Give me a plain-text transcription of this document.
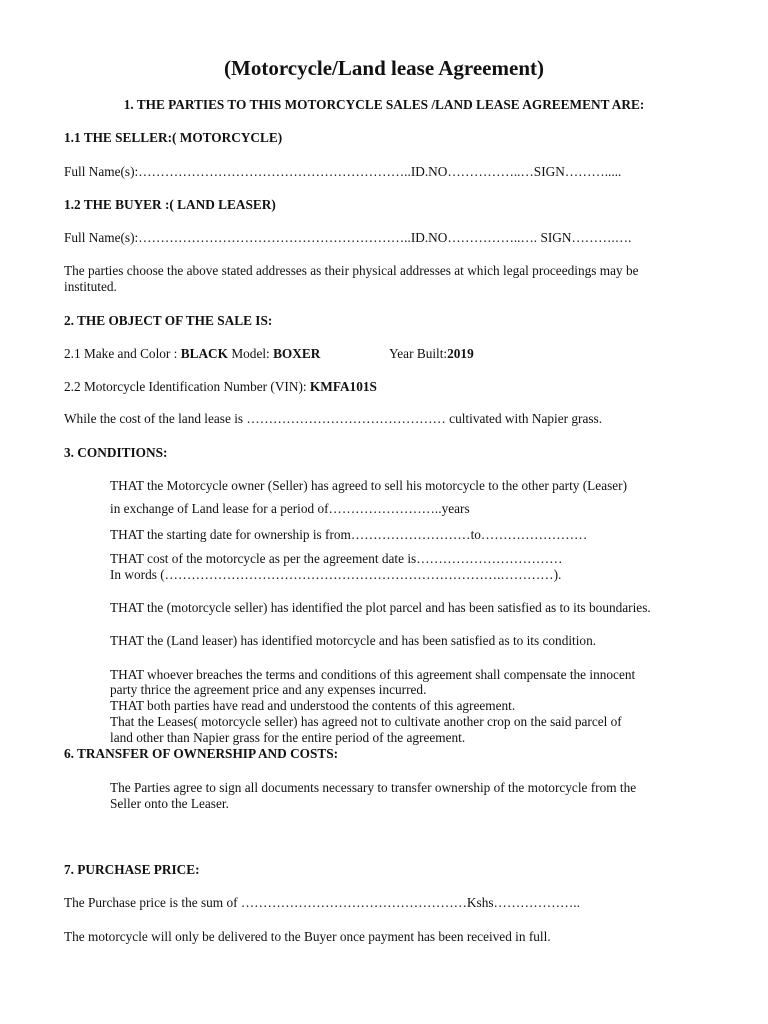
(Motorcycle/Land lease Agreement)
1. THE PARTIES TO THIS MOTORCYCLE SALES /LAND LEASE AGREEMENT ARE:
1.1 THE SELLER:( MOTORCYCLE)
Full Name(s):……………………………………………………..ID.NO……………..…SIGN……….....
1.2 THE BUYER :( LAND LEASER)
Full Name(s):……………………………………………………..ID.NO……………..…. SIGN……….….
The parties choose the above stated addresses as their physical addresses at which legal proceedings may be
instituted.
2. THE OBJECT OF THE SALE IS:
2.1 Make and Color : BLACK Model: BOXER	Year Built:2019
2.2 Motorcycle Identification Number (VIN): KMFA101S
While the cost of the land lease is ……………………………………… cultivated with Napier grass.
3. CONDITIONS:
THAT the Motorcycle owner (Seller) has agreed to sell his motorcycle to the other party (Leaser)
in exchange of Land lease for a period of……………………..years
THAT the starting date for ownership is from………………………to……………………
THAT cost of the motorcycle as per the agreement date is……………………………
In words (………………………………………………………………….…………).
THAT the (motorcycle seller) has identified the plot parcel and has been satisfied as to its boundaries.
THAT the (Land leaser) has identified motorcycle and has been satisfied as to its condition.
THAT whoever breaches the terms and conditions of this agreement shall compensate the innocent
party thrice the agreement price and any expenses incurred.
THAT both parties have read and understood the contents of this agreement.
That the Leases( motorcycle seller) has agreed not to cultivate another crop on the said parcel of
land other than Napier grass for the entire period of the agreement.
6. TRANSFER OF OWNERSHIP AND COSTS:
The Parties agree to sign all documents necessary to transfer ownership of the motorcycle from the
Seller onto the Leaser.
7. PURCHASE PRICE:
The Purchase price is the sum of ……………………………………………Kshs………………..
The motorcycle will only be delivered to the Buyer once payment has been received in full.
